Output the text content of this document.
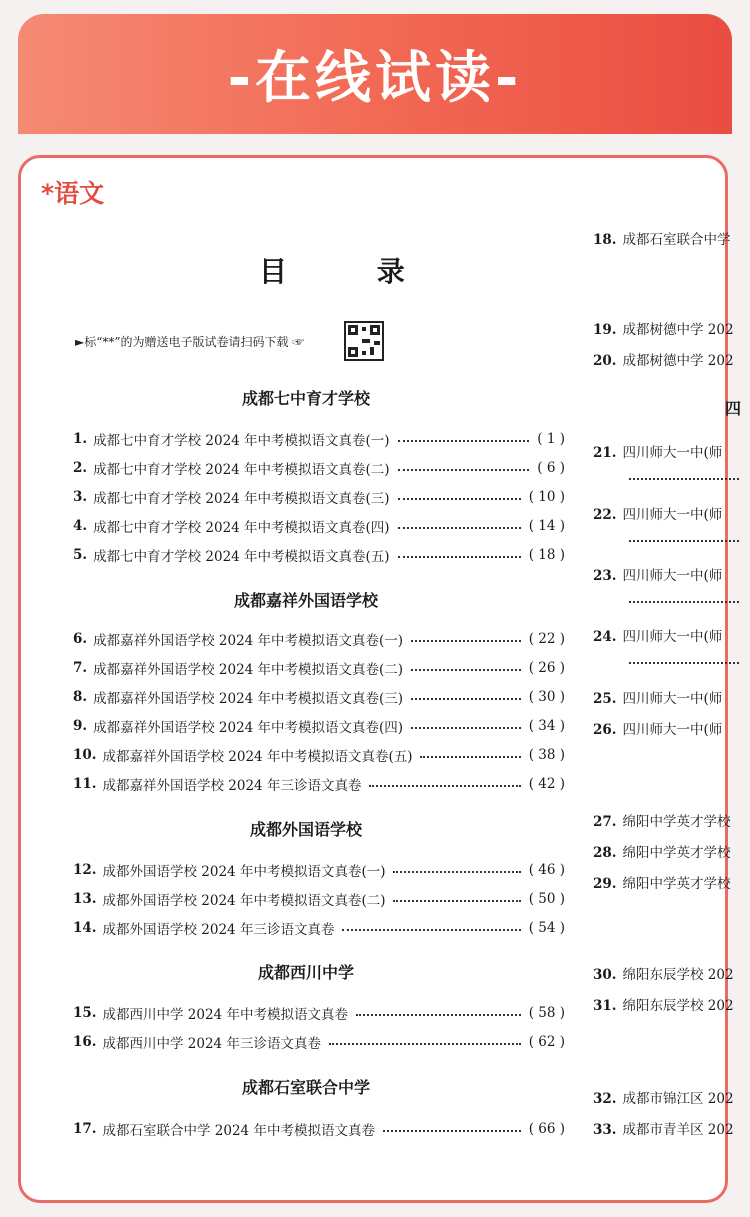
-在线试读-
*语文
目 录
►标“**”的为赠送电子版试卷请扫码下载 ☞
成都七中育才学校
1. 成都七中育才学校 2024 年中考模拟语文真卷(一)	( 1 )
2. 成都七中育才学校 2024 年中考模拟语文真卷(二)	( 6 )
3. 成都七中育才学校 2024 年中考模拟语文真卷(三)	( 10 )
4. 成都七中育才学校 2024 年中考模拟语文真卷(四)	( 14 )
5. 成都七中育才学校 2024 年中考模拟语文真卷(五)	( 18 )
成都嘉祥外国语学校
6. 成都嘉祥外国语学校 2024 年中考模拟语文真卷(一)	( 22 )
7. 成都嘉祥外国语学校 2024 年中考模拟语文真卷(二)	( 26 )
8. 成都嘉祥外国语学校 2024 年中考模拟语文真卷(三)	( 30 )
9. 成都嘉祥外国语学校 2024 年中考模拟语文真卷(四)	( 34 )
10. 成都嘉祥外国语学校 2024 年中考模拟语文真卷(五)	( 38 )
11. 成都嘉祥外国语学校 2024 年三诊语文真卷	( 42 )
成都外国语学校
12. 成都外国语学校 2024 年中考模拟语文真卷(一)	( 46 )
13. 成都外国语学校 2024 年中考模拟语文真卷(二)	( 50 )
14. 成都外国语学校 2024 年三诊语文真卷	( 54 )
成都西川中学
15. 成都西川中学 2024 年中考模拟语文真卷	( 58 )
16. 成都西川中学 2024 年三诊语文真卷	( 62 )
成都石室联合中学
17. 成都石室联合中学 2024 年中考模拟语文真卷	( 66 )
18. 成都石室联合中学
19. 成都树德中学 202
20. 成都树德中学 202
四
21. 四川师大一中(师
22. 四川师大一中(师
23. 四川师大一中(师
24. 四川师大一中(师
25. 四川师大一中(师
26. 四川师大一中(师
27. 绵阳中学英才学校
28. 绵阳中学英才学校
29. 绵阳中学英才学校
30. 绵阳东辰学校 202
31. 绵阳东辰学校 202
32. 成都市锦江区 202
33. 成都市青羊区 202
